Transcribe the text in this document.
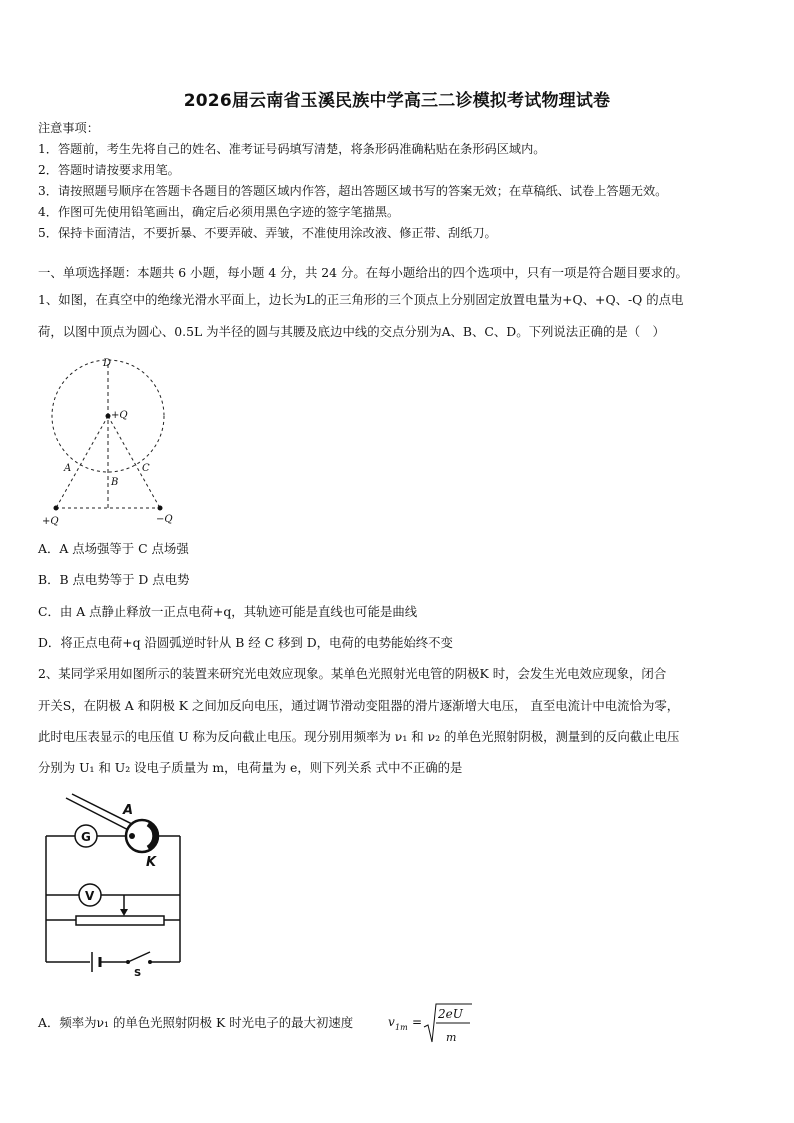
2026届云南省玉溪民族中学高三二诊模拟考试物理试卷
注意事项：
1．答题前，考生先将自己的姓名、准考证号码填写清楚，将条形码准确粘贴在条形码区域内。
2．答题时请按要求用笔。
3．请按照题号顺序在答题卡各题目的答题区域内作答，超出答题区域书写的答案无效；在草稿纸、试卷上答题无效。
4．作图可先使用铅笔画出，确定后必须用黑色字迹的签字笔描黑。
5．保持卡面清洁，不要折暴、不要弄破、弄皱，不准使用涂改液、修正带、刮纸刀。
一、单项选择题：本题共 6 小题，每小题 4 分，共 24 分。在每小题给出的四个选项中，只有一项是符合题目要求的。
1、如图，在真空中的绝缘光滑水平面上，边长为L的正三角形的三个顶点上分别固定放置电量为+Q、+Q、-Q 的点电
荷，以图中顶点为圆心、0.5L 为半径的圆与其腰及底边中线的交点分别为A、B、C、D。下列说法正确的是（　）
D
+Q
A	C
B
+Q	−Q
A．A 点场强等于 C 点场强
B．B 点电势等于 D 点电势
C．由 A 点静止释放一正点电荷+q，其轨迹可能是直线也可能是曲线
D．将正点电荷+q 沿圆弧逆时针从 B 经 C 移到 D，电荷的电势能始终不变
2、某同学采用如图所示的装置来研究光电效应现象。某单色光照射光电管的阴极K 时，会发生光电效应现象，闭合
开关S，在阴极 A 和阴极 K 之间加反向电压，通过调节滑动变阻器的滑片逐渐增大电压， 直至电流计中电流恰为零，
此时电压表显示的电压值 U 称为反向截止电压。现分别用频率为 ν₁ 和 ν₂ 的单色光照射阴极，测量到的反向截止电压
分别为 U₁ 和 U₂ 设电子质量为 m，电荷量为 e，则下列关系 式中不正确的是
A
K
G
V
S
A．频率为ν₁ 的单色光照射阴极 K 时光电子的最大初速度	v 1m =
2eU
m
